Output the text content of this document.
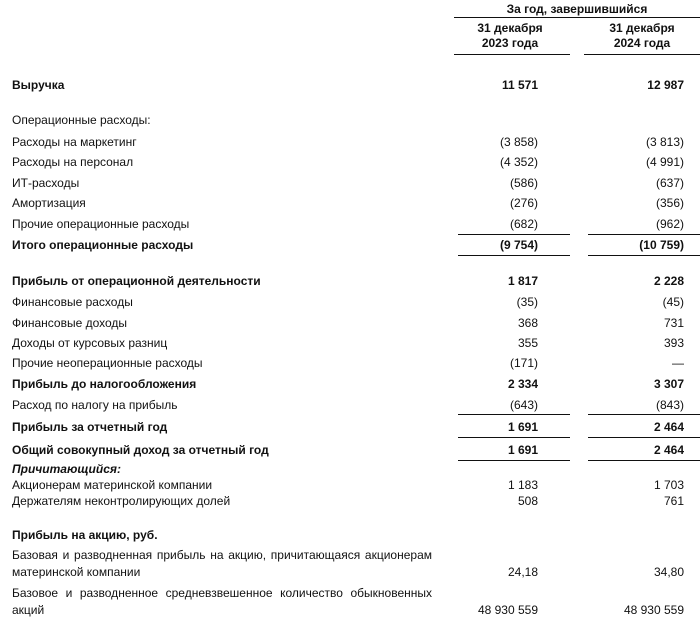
За год, завершившийся
31 декабря
2023 года
31 декабря
2024 года
Выручка	11 571	12 987
Операционные расходы:
Расходы на маркетинг	(3 858)	(3 813)
Расходы на персонал	(4 352)	(4 991)
ИТ-расходы	(586)	(637)
Амортизация	(276)	(356)
Прочие операционные расходы	(682)	(962)
Итого операционные расходы	(9 754)	(10 759)
Прибыль от операционной деятельности	1 817	2 228
Финансовые расходы	(35)	(45)
Финансовые доходы	368	731
Доходы от курсовых разниц	355	393
Прочие неоперационные расходы	(171)	—
Прибыль до налогообложения	2 334	3 307
Расход по налогу на прибыль	(643)	(843)
Прибыль за отчетный год	1 691	2 464
Общий совокупный доход за отчетный год	1 691	2 464
Причитающийся:
Акционерам материнской компании	1 183	1 703
Держателям неконтролирующих долей	508	761
Прибыль на акцию, руб.
Базовая и разводненная прибыль на акцию, причитающаяся акционерам материнской компании	24,18	34,80
Базовое и разводненное средневзвешенное количество обыкновенных акций	48 930 559	48 930 559
